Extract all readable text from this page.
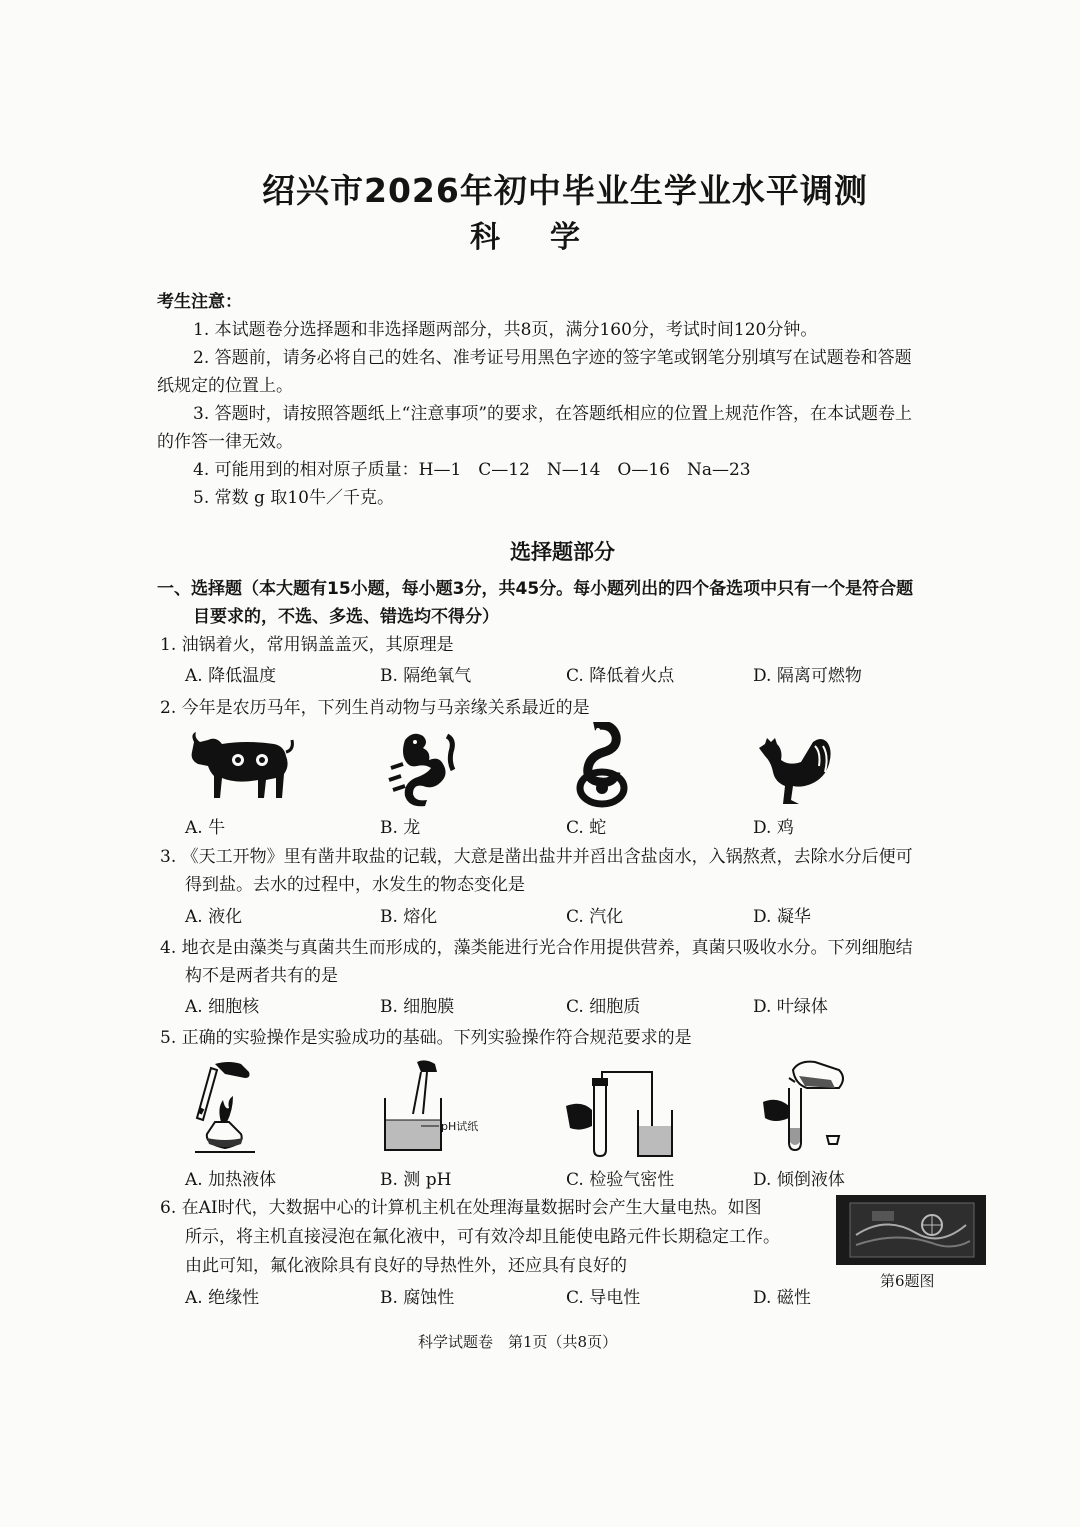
绍兴市2026年初中毕业生学业水平调测
科学
考生注意：
1. 本试题卷分选择题和非选择题两部分，共8页，满分160分，考试时间120分钟。
2. 答题前，请务必将自己的姓名、准考证号用黑色字迹的签字笔或钢笔分别填写在试题卷和答题
纸规定的位置上。
3. 答题时，请按照答题纸上“注意事项”的要求，在答题纸相应的位置上规范作答，在本试题卷上
的作答一律无效。
4. 可能用到的相对原子质量：H—1　C—12　N—14　O—16　Na—23
5. 常数 g 取10牛／千克。
选择题部分
一、选择题（本大题有15小题，每小题3分，共45分。每小题列出的四个备选项中只有一个是符合题
目要求的，不选、多选、错选均不得分）
1. 油锅着火，常用锅盖盖灭，其原理是
A. 降低温度	B. 隔绝氧气	C. 降低着火点	D. 隔离可燃物
2. 今年是农历马年，下列生肖动物与马亲缘关系最近的是
A. 牛	B. 龙	C. 蛇	D. 鸡
3. 《天工开物》里有凿井取盐的记载，大意是凿出盐井并舀出含盐卤水，入锅熬煮，去除水分后便可
得到盐。去水的过程中，水发生的物态变化是
A. 液化	B. 熔化	C. 汽化	D. 凝华
4. 地衣是由藻类与真菌共生而形成的，藻类能进行光合作用提供营养，真菌只吸收水分。下列细胞结
构不是两者共有的是
A. 细胞核	B. 细胞膜	C. 细胞质	D. 叶绿体
5. 正确的实验操作是实验成功的基础。下列实验操作符合规范要求的是
pH试纸
A. 加热液体	B. 测 pH	C. 检验气密性	D. 倾倒液体
6. 在AI时代，大数据中心的计算机主机在处理海量数据时会产生大量电热。如图
所示，将主机直接浸泡在氟化液中，可有效冷却且能使电路元件长期稳定工作。
由此可知，氟化液除具有良好的导热性外，还应具有良好的
第6题图
A. 绝缘性	B. 腐蚀性	C. 导电性	D. 磁性
科学试题卷　第1页（共8页）
